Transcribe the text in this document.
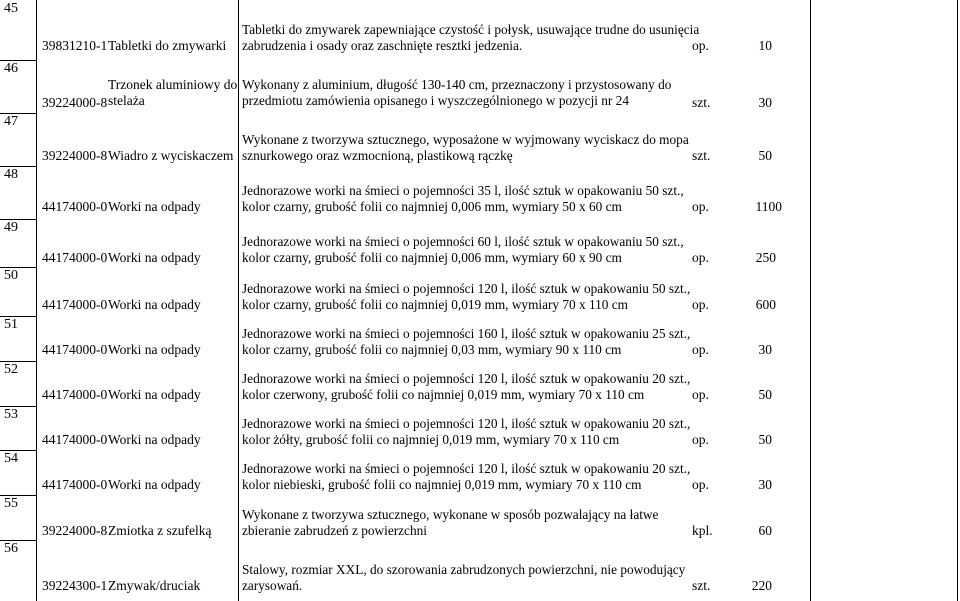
45
39831210-1 Tabletki do zmywarki
Tabletki do zmywarek zapewniające czystość i połysk, usuwające trudne do usunięcia zabrudzenia i osady oraz zaschnięte resztki jedzenia.	op.	10
46
39224000-8
Trzonek aluminiowy do stelaża
Wykonany z aluminium, długość 130-140 cm, przeznaczony i przystosowany do przedmiotu zamówienia opisanego i wyszczególnionego w pozycji nr 24	szt.	30
47
39224000-8 Wiadro z wyciskaczem
Wykonane z tworzywa sztucznego, wyposażone w wyjmowany wyciskacz do mopa sznurkowego oraz wzmocnioną, plastikową rączkę	szt.	50
48
44174000-0 Worki na odpady
Jednorazowe worki na śmieci o pojemności 35 l, ilość sztuk w opakowaniu 50 szt., kolor czarny, grubość folii co najmniej 0,006 mm, wymiary 50 x 60 cm	op.	1100
49
44174000-0 Worki na odpady
Jednorazowe worki na śmieci o pojemności 60 l, ilość sztuk w opakowaniu 50 szt., kolor czarny, grubość folii co najmniej 0,006 mm, wymiary 60 x 90 cm	op.	250
50
44174000-0 Worki na odpady
Jednorazowe worki na śmieci o pojemności 120 l, ilość sztuk w opakowaniu 50 szt., kolor czarny, grubość folii co najmniej 0,019 mm, wymiary 70 x 110 cm	op.	600
51
44174000-0 Worki na odpady
Jednorazowe worki na śmieci o pojemności 160 l, ilość sztuk w opakowaniu 25 szt., kolor czarny, grubość folii co najmniej 0,03 mm, wymiary 90 x 110 cm	op.	30
52
44174000-0 Worki na odpady
Jednorazowe worki na śmieci o pojemności 120 l, ilość sztuk w opakowaniu 20 szt., kolor czerwony, grubość folii co najmniej 0,019 mm, wymiary 70 x 110 cm	op.	50
53
44174000-0 Worki na odpady
Jednorazowe worki na śmieci o pojemności 120 l, ilość sztuk w opakowaniu 20 szt., kolor żółty, grubość folii co najmniej 0,019 mm, wymiary 70 x 110 cm	op.	50
54
44174000-0 Worki na odpady
Jednorazowe worki na śmieci o pojemności 120 l, ilość sztuk w opakowaniu 20 szt., kolor niebieski, grubość folii co najmniej 0,019 mm, wymiary 70 x 110 cm	op.	30
55
39224000-8 Zmiotka z szufelką
Wykonane z tworzywa sztucznego, wykonane w sposób pozwalający na łatwe zbieranie zabrudzeń z powierzchni	kpl.	60
56
39224300-1 Zmywak/druciak
Stalowy, rozmiar XXL, do szorowania zabrudzonych powierzchni, nie powodujący zarysowań.	szt.	220
